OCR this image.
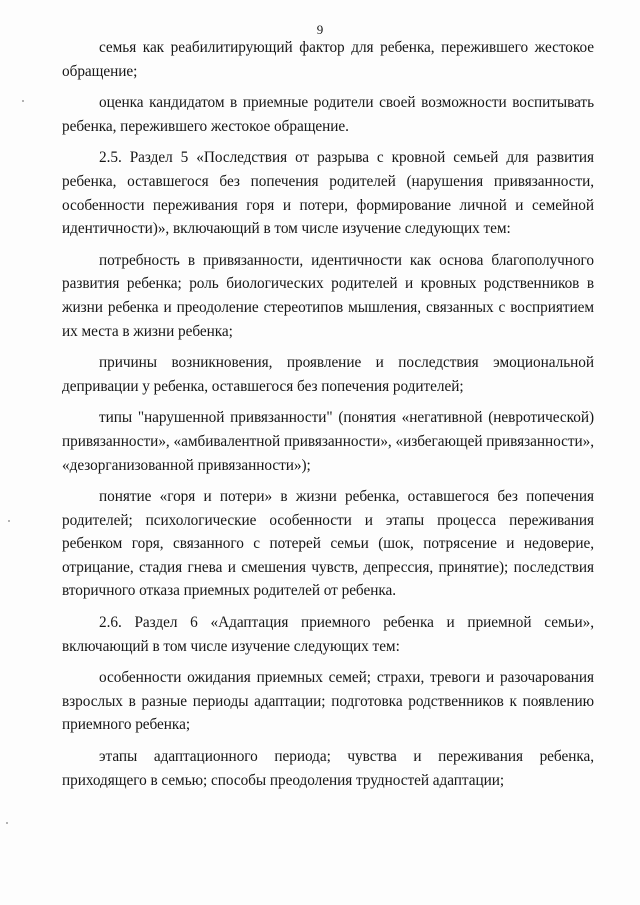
9

семья как реабилитирующий фактор для ребенка, пережившего жестокое обращение;

оценка кандидатом в приемные родители своей возможности воспитывать ребенка, пережившего жестокое обращение.

2.5. Раздел 5 «Последствия от разрыва с кровной семьей для развития ребенка, оставшегося без попечения родителей (нарушения привязанности, особенности переживания горя и потери, формирование личной и семейной идентичности)», включающий в том числе изучение следующих тем:

потребность в привязанности, идентичности как основа благополучного развития ребенка; роль биологических родителей и кровных родственников в жизни ребенка и преодоление стереотипов мышления, связанных с восприятием их места в жизни ребенка;

причины возникновения, проявление и последствия эмоциональной депривации у ребенка, оставшегося без попечения родителей;

типы "нарушенной привязанности" (понятия «негативной (невротической) привязанности», «амбивалентной привязанности», «избегающей привязанности», «дезорганизованной привязанности»);

понятие «горя и потери» в жизни ребенка, оставшегося без попечения родителей; психологические особенности и этапы процесса переживания ребенком горя, связанного с потерей семьи (шок, потрясение и недоверие, отрицание, стадия гнева и смешения чувств, депрессия, принятие); последствия вторичного отказа приемных родителей от ребенка.

2.6. Раздел 6 «Адаптация приемного ребенка и приемной семьи», включающий в том числе изучение следующих тем:

особенности ожидания приемных семей; страхи, тревоги и разочарования взрослых в разные периоды адаптации; подготовка родственников к появлению приемного ребенка;

этапы адаптационного периода; чувства и переживания ребенка, приходящего в семью; способы преодоления трудностей адаптации;
